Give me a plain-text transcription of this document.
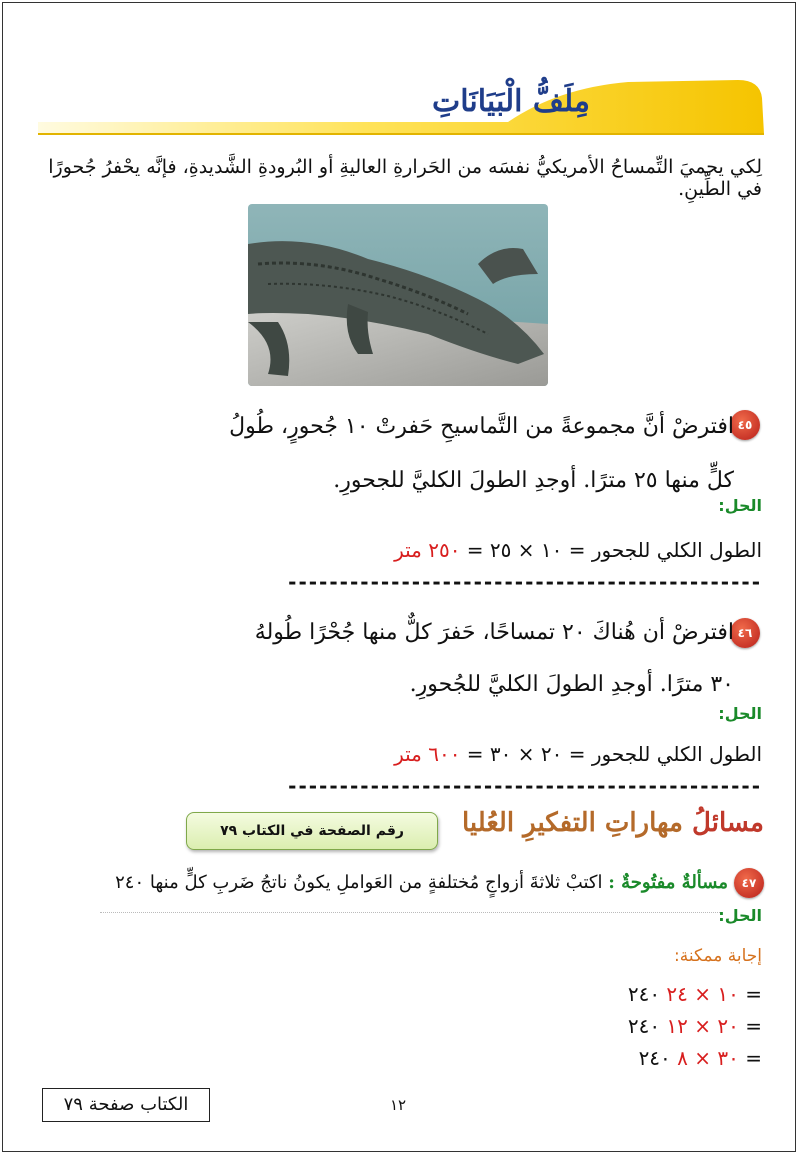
مِلَفُّ الْبَيَانَاتِ
لِكي يحميَ التِّمساحُ الأمريكيُّ نفسَه من الحَرارةِ العاليةِ أو البُرودةِ الشَّديدةِ، فإنَّه يحْفرُ جُحورًا في الطِّينِ.
٤٥
افترضْ أنَّ مجموعةً من التَّماسيحِ حَفرتْ ١٠ جُحورٍ، طُولُ
كلٍّ منها ٢٥ مترًا. أوجدِ الطولَ الكليَّ للجحورِ.
الحل:
الطول الكلي للجحور = ١٠ × ٢٥ = ٢٥٠ متر
----------------------------------------------
٤٦
افترضْ أن هُناكَ ٢٠ تمساحًا، حَفرَ كلٌّ منها جُحْرًا طُولهُ
٣٠ مترًا. أوجدِ الطولَ الكليَّ للجُحورِ.
الحل:
الطول الكلي للجحور = ٢٠ × ٣٠ = ٦٠٠ متر
----------------------------------------------
مسائلُ مهاراتِ التفكيرِ العُليا
رقم الصفحة في الكتاب ٧٩
٤٧
مسألةٌ مفتُوحةٌ : اكتبْ ثلاثةَ أزواجٍ مُختلفةٍ من العَواملِ يكونُ ناتجُ ضَربِ كلٍّ منها ٢٤٠
الحل:
إجابة ممكنة:
١٠ × ٢٤ ٢٤٠ =
٢٠ × ١٢ ٢٤٠ =
٣٠ × ٨ ٢٤٠ =
١٢
الكتاب صفحة ٧٩
